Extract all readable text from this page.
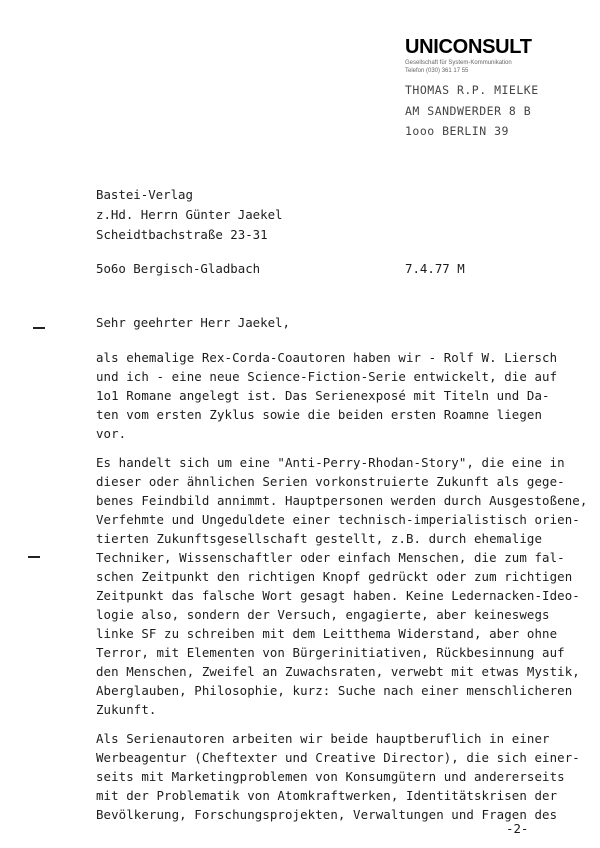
UNICONSULT
Gesellschaft für System-Kommunikation
Telefon (030) 361 17 55
THOMAS R.P. MIELKE
AM SANDWERDER 8 B
1ooo BERLIN 39
Bastei-Verlag
z.Hd. Herrn Günter Jaekel
Scheidtbachstraße 23-31
5o6o Bergisch-Gladbach	7.4.77 M
Sehr geehrter Herr Jaekel,
als ehemalige Rex-Corda-Coautoren haben wir - Rolf W. Liersch
und ich - eine neue Science-Fiction-Serie entwickelt, die auf
1o1 Romane angelegt ist. Das Serienexposé mit Titeln und Da-
ten vom ersten Zyklus sowie die beiden ersten Roamne liegen
vor.
Es handelt sich um eine "Anti-Perry-Rhodan-Story", die eine in
dieser oder ähnlichen Serien vorkonstruierte Zukunft als gege-
benes Feindbild annimmt. Hauptpersonen werden durch Ausgestoßene,
Verfehmte und Ungeduldete einer technisch-imperialistisch orien-
tierten Zukunftsgesellschaft gestellt, z.B. durch ehemalige
Techniker, Wissenschaftler oder einfach Menschen, die zum fal-
schen Zeitpunkt den richtigen Knopf gedrückt oder zum richtigen
Zeitpunkt das falsche Wort gesagt haben. Keine Ledernacken-Ideo-
logie also, sondern der Versuch, engagierte, aber keineswegs
linke SF zu schreiben mit dem Leitthema Widerstand, aber ohne
Terror, mit Elementen von Bürgerinitiativen, Rückbesinnung auf
den Menschen, Zweifel an Zuwachsraten, verwebt mit etwas Mystik,
Aberglauben, Philosophie, kurz: Suche nach einer menschlicheren
Zukunft.
Als Serienautoren arbeiten wir beide hauptberuflich in einer
Werbeagentur (Cheftexter und Creative Director), die sich einer-
seits mit Marketingproblemen von Konsumgütern und andererseits
mit der Problematik von Atomkraftwerken, Identitätskrisen der
Bevölkerung, Forschungsprojekten, Verwaltungen und Fragen des
-2-
